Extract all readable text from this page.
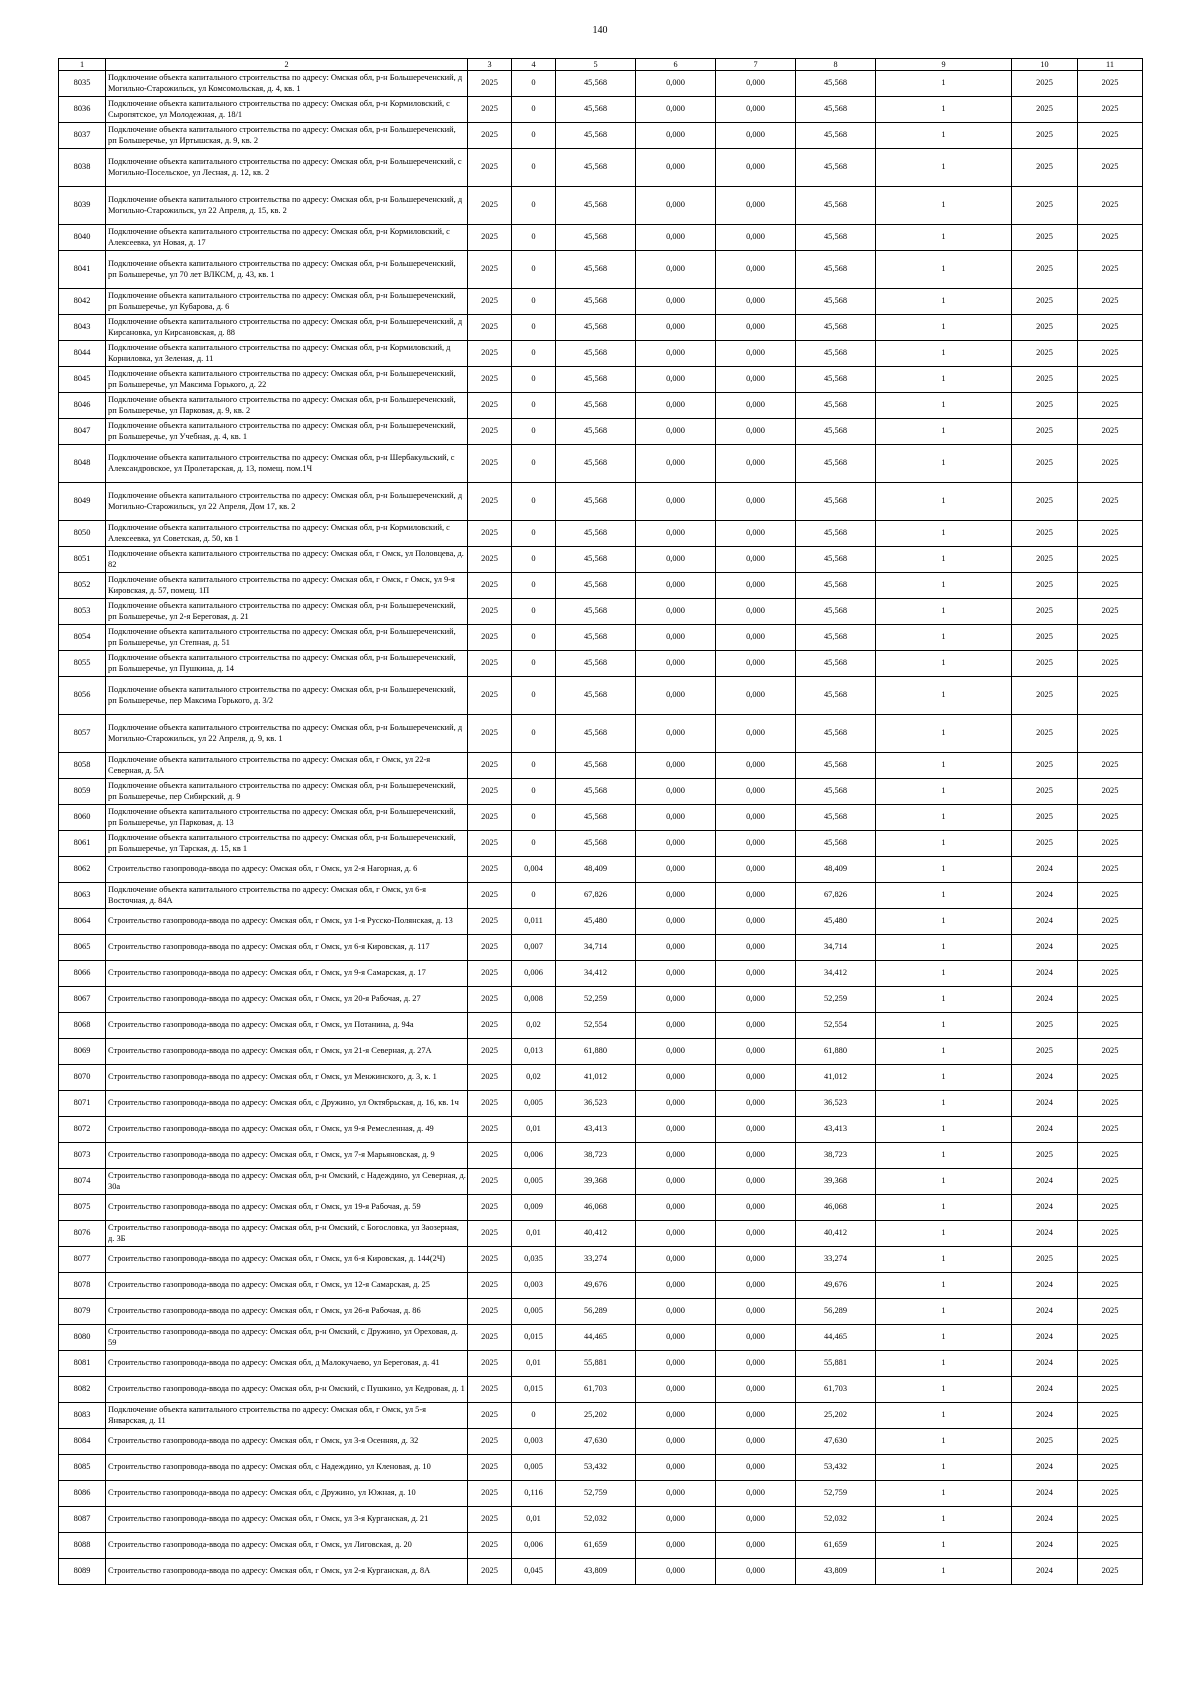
140
1	2	3	4	5	6	7	8	9	10	11
8035	Подключение объекта капитального строительства по адресу: Омская обл, р-н Большереченский, д Могильно-Старожильск, ул Комсомольская, д. 4, кв. 1	2025	0	45,568	0,000	0,000	45,568	1	2025	2025
8036	Подключение объекта капитального строительства по адресу: Омская обл, р-н Кормиловский, с Сыропятское, ул Молодежная, д. 18/1	2025	0	45,568	0,000	0,000	45,568	1	2025	2025
8037	Подключение объекта капитального строительства по адресу: Омская обл, р-н Большереченский, рп Большеречье, ул Иртышская, д. 9, кв. 2	2025	0	45,568	0,000	0,000	45,568	1	2025	2025
8038	Подключение объекта капитального строительства по адресу: Омская обл, р-н Большереченский, с Могильно-Посельское, ул Лесная, д. 12, кв. 2	2025	0	45,568	0,000	0,000	45,568	1	2025	2025
8039	Подключение объекта капитального строительства по адресу: Омская обл, р-н Большереченский, д Могильно-Старожильск, ул 22 Апреля, д. 15, кв. 2	2025	0	45,568	0,000	0,000	45,568	1	2025	2025
8040	Подключение объекта капитального строительства по адресу: Омская обл, р-н Кормиловский, с Алексеевка, ул Новая, д. 17	2025	0	45,568	0,000	0,000	45,568	1	2025	2025
8041	Подключение объекта капитального строительства по адресу: Омская обл, р-н Большереченский, рп Большеречье, ул 70 лет ВЛКСМ, д. 43, кв. 1	2025	0	45,568	0,000	0,000	45,568	1	2025	2025
8042	Подключение объекта капитального строительства по адресу: Омская обл, р-н Большереченский, рп Большеречье, ул Кубарова, д. 6	2025	0	45,568	0,000	0,000	45,568	1	2025	2025
8043	Подключение объекта капитального строительства по адресу: Омская обл, р-н Большереченский, д Кирсановка, ул Кирсановская, д. 88	2025	0	45,568	0,000	0,000	45,568	1	2025	2025
8044	Подключение объекта капитального строительства по адресу: Омская обл, р-н Кормиловский, д Корниловка, ул Зеленая, д. 11	2025	0	45,568	0,000	0,000	45,568	1	2025	2025
8045	Подключение объекта капитального строительства по адресу: Омская обл, р-н Большереченский, рп Большеречье, ул Максима Горького, д. 22	2025	0	45,568	0,000	0,000	45,568	1	2025	2025
8046	Подключение объекта капитального строительства по адресу: Омская обл, р-н Большереченский, рп Большеречье, ул Парковая, д. 9, кв. 2	2025	0	45,568	0,000	0,000	45,568	1	2025	2025
8047	Подключение объекта капитального строительства по адресу: Омская обл, р-н Большереченский, рп Большеречье, ул Учебная, д. 4, кв. 1	2025	0	45,568	0,000	0,000	45,568	1	2025	2025
8048	Подключение объекта капитального строительства по адресу: Омская обл, р-н Шербакульский, с Александровское, ул Пролетарская, д. 13, помещ. пом.1Ч	2025	0	45,568	0,000	0,000	45,568	1	2025	2025
8049	Подключение объекта капитального строительства по адресу: Омская обл, р-н Большереченский, д Могильно-Старожильск, ул 22 Апреля, Дом 17, кв. 2	2025	0	45,568	0,000	0,000	45,568	1	2025	2025
8050	Подключение объекта капитального строительства по адресу: Омская обл, р-н Кормиловский, с Алексеевка, ул Советская, д. 50, кв 1	2025	0	45,568	0,000	0,000	45,568	1	2025	2025
8051	Подключение объекта капитального строительства по адресу: Омская обл, г Омск, ул Половцева, д. 82	2025	0	45,568	0,000	0,000	45,568	1	2025	2025
8052	Подключение объекта капитального строительства по адресу: Омская обл, г Омск, г Омск, ул 9-я Кировская, д. 57, помещ. 1П	2025	0	45,568	0,000	0,000	45,568	1	2025	2025
8053	Подключение объекта капитального строительства по адресу: Омская обл, р-н Большереченский, рп Большеречье, ул 2-я Береговая, д. 21	2025	0	45,568	0,000	0,000	45,568	1	2025	2025
8054	Подключение объекта капитального строительства по адресу: Омская обл, р-н Большереченский, рп Большеречье, ул Степная, д. 51	2025	0	45,568	0,000	0,000	45,568	1	2025	2025
8055	Подключение объекта капитального строительства по адресу: Омская обл, р-н Большереченский, рп Большеречье, ул Пушкина, д. 14	2025	0	45,568	0,000	0,000	45,568	1	2025	2025
8056	Подключение объекта капитального строительства по адресу: Омская обл, р-н Большереченский, рп Большеречье, пер Максима Горького, д. 3/2	2025	0	45,568	0,000	0,000	45,568	1	2025	2025
8057	Подключение объекта капитального строительства по адресу: Омская обл, р-н Большереченский, д Могильно-Старожильск, ул 22 Апреля, д. 9, кв. 1	2025	0	45,568	0,000	0,000	45,568	1	2025	2025
8058	Подключение объекта капитального строительства по адресу: Омская обл, г Омск, ул 22-я Северная, д. 5А	2025	0	45,568	0,000	0,000	45,568	1	2025	2025
8059	Подключение объекта капитального строительства по адресу: Омская обл, р-н Большереченский, рп Большеречье, пер Сибирский, д. 9	2025	0	45,568	0,000	0,000	45,568	1	2025	2025
8060	Подключение объекта капитального строительства по адресу: Омская обл, р-н Большереченский, рп Большеречье, ул Парковая, д. 13	2025	0	45,568	0,000	0,000	45,568	1	2025	2025
8061	Подключение объекта капитального строительства по адресу: Омская обл, р-н Большереченский, рп Большеречье, ул Тарская, д. 15, кв 1	2025	0	45,568	0,000	0,000	45,568	1	2025	2025
8062	Строительство газопровода-ввода по адресу: Омская обл, г Омск, ул 2-я Нагорная, д. 6	2025	0,004	48,409	0,000	0,000	48,409	1	2024	2025
8063	Подключение объекта капитального строительства по адресу: Омская обл, г Омск, ул 6-я Восточная, д. 84А	2025	0	67,826	0,000	0,000	67,826	1	2024	2025
8064	Строительство газопровода-ввода по адресу: Омская обл, г Омск, ул 1-я Русско-Полянская, д. 13	2025	0,011	45,480	0,000	0,000	45,480	1	2024	2025
8065	Строительство газопровода-ввода по адресу: Омская обл, г Омск, ул 6-я Кировская, д. 117	2025	0,007	34,714	0,000	0,000	34,714	1	2024	2025
8066	Строительство газопровода-ввода по адресу: Омская обл, г Омск, ул 9-я Самарская, д. 17	2025	0,006	34,412	0,000	0,000	34,412	1	2024	2025
8067	Строительство газопровода-ввода по адресу: Омская обл, г Омск, ул 20-я Рабочая, д. 27	2025	0,008	52,259	0,000	0,000	52,259	1	2024	2025
8068	Строительство газопровода-ввода по адресу: Омская обл, г Омск, ул Потанина, д. 94а	2025	0,02	52,554	0,000	0,000	52,554	1	2025	2025
8069	Строительство газопровода-ввода по адресу: Омская обл, г Омск, ул 21-я Северная, д. 27А	2025	0,013	61,880	0,000	0,000	61,880	1	2025	2025
8070	Строительство газопровода-ввода по адресу: Омская обл, г Омск, ул Менжинского, д. 3, к. 1	2025	0,02	41,012	0,000	0,000	41,012	1	2024	2025
8071	Строительство газопровода-ввода по адресу: Омская обл, с Дружино, ул Октябрьская, д. 16, кв. 1ч	2025	0,005	36,523	0,000	0,000	36,523	1	2024	2025
8072	Строительство газопровода-ввода по адресу: Омская обл, г Омск, ул 9-я Ремесленная, д. 49	2025	0,01	43,413	0,000	0,000	43,413	1	2024	2025
8073	Строительство газопровода-ввода по адресу: Омская обл, г Омск, ул 7-я Марьяновская, д. 9	2025	0,006	38,723	0,000	0,000	38,723	1	2025	2025
8074	Строительство газопровода-ввода по адресу: Омская обл, р-н Омский, с Надеждино, ул Северная, д. 30а	2025	0,005	39,368	0,000	0,000	39,368	1	2024	2025
8075	Строительство газопровода-ввода по адресу: Омская обл, г Омск, ул 19-я Рабочая, д. 59	2025	0,009	46,068	0,000	0,000	46,068	1	2024	2025
8076	Строительство газопровода-ввода по адресу: Омская обл, р-н Омский, с Богословка, ул Заозерная, д. 3Б	2025	0,01	40,412	0,000	0,000	40,412	1	2024	2025
8077	Строительство газопровода-ввода по адресу: Омская обл, г Омск, ул 6-я Кировская, д. 144(2Ч)	2025	0,035	33,274	0,000	0,000	33,274	1	2025	2025
8078	Строительство газопровода-ввода по адресу: Омская обл, г Омск, ул 12-я Самарская, д. 25	2025	0,003	49,676	0,000	0,000	49,676	1	2024	2025
8079	Строительство газопровода-ввода по адресу: Омская обл, г Омск, ул 26-я Рабочая, д. 86	2025	0,005	56,289	0,000	0,000	56,289	1	2024	2025
8080	Строительство газопровода-ввода по адресу: Омская обл, р-н Омский, с Дружино, ул Ореховая, д. 59	2025	0,015	44,465	0,000	0,000	44,465	1	2024	2025
8081	Строительство газопровода-ввода по адресу: Омская обл, д Малокучаевo, ул Береговая, д. 41	2025	0,01	55,881	0,000	0,000	55,881	1	2024	2025
8082	Строительство газопровода-ввода по адресу: Омская обл, р-н Омский, с Пушкино, ул Кедровая, д. 1	2025	0,015	61,703	0,000	0,000	61,703	1	2024	2025
8083	Подключение объекта капитального строительства по адресу: Омская обл, г Омск, ул 5-я Январская, д. 11	2025	0	25,202	0,000	0,000	25,202	1	2024	2025
8084	Строительство газопровода-ввода по адресу: Омская обл, г Омск, ул 3-я Осенняя, д. 32	2025	0,003	47,630	0,000	0,000	47,630	1	2025	2025
8085	Строительство газопровода-ввода по адресу: Омская обл, с Надеждино, ул Кленовая, д. 10	2025	0,005	53,432	0,000	0,000	53,432	1	2024	2025
8086	Строительство газопровода-ввода по адресу: Омская обл, с Дружино, ул Южная, д. 10	2025	0,116	52,759	0,000	0,000	52,759	1	2024	2025
8087	Строительство газопровода-ввода по адресу: Омская обл, г Омск, ул 3-я Курганская, д. 21	2025	0,01	52,032	0,000	0,000	52,032	1	2024	2025
8088	Строительство газопровода-ввода по адресу: Омская обл, г Омск, ул Лиговская, д. 20	2025	0,006	61,659	0,000	0,000	61,659	1	2024	2025
8089	Строительство газопровода-ввода по адресу: Омская обл, г Омск, ул 2-я Курганская, д. 8А	2025	0,045	43,809	0,000	0,000	43,809	1	2024	2025
